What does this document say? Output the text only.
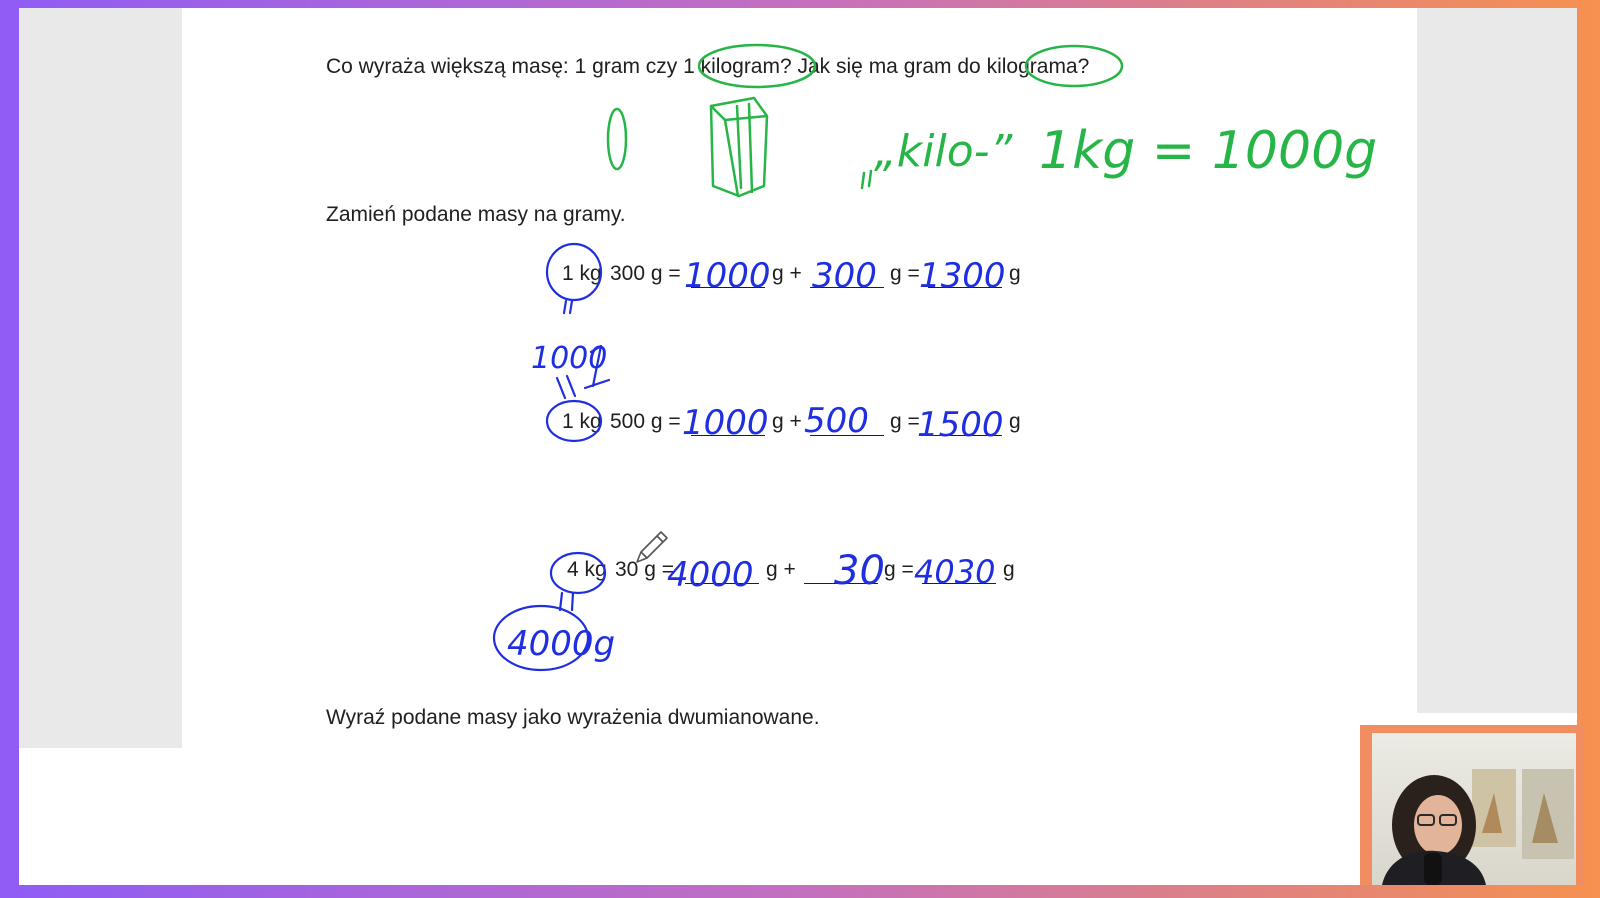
Co wyraża większą masę: 1 gram czy 1 kilogram? Jak się ma gram do kilograma?
Zamień podane masy na gramy.
1 kg 300 g =	g +	g =	g
1 kg 500 g =	g +	g =	g
4 kg 30 g =	g +	g =	g
Wyraź podane masy jako wyrażenia dwumianowane.
„kilo-” 1kg = 1000g
1000 300 1300
1000
1000 500 1500
4000g
4000 30 4030
